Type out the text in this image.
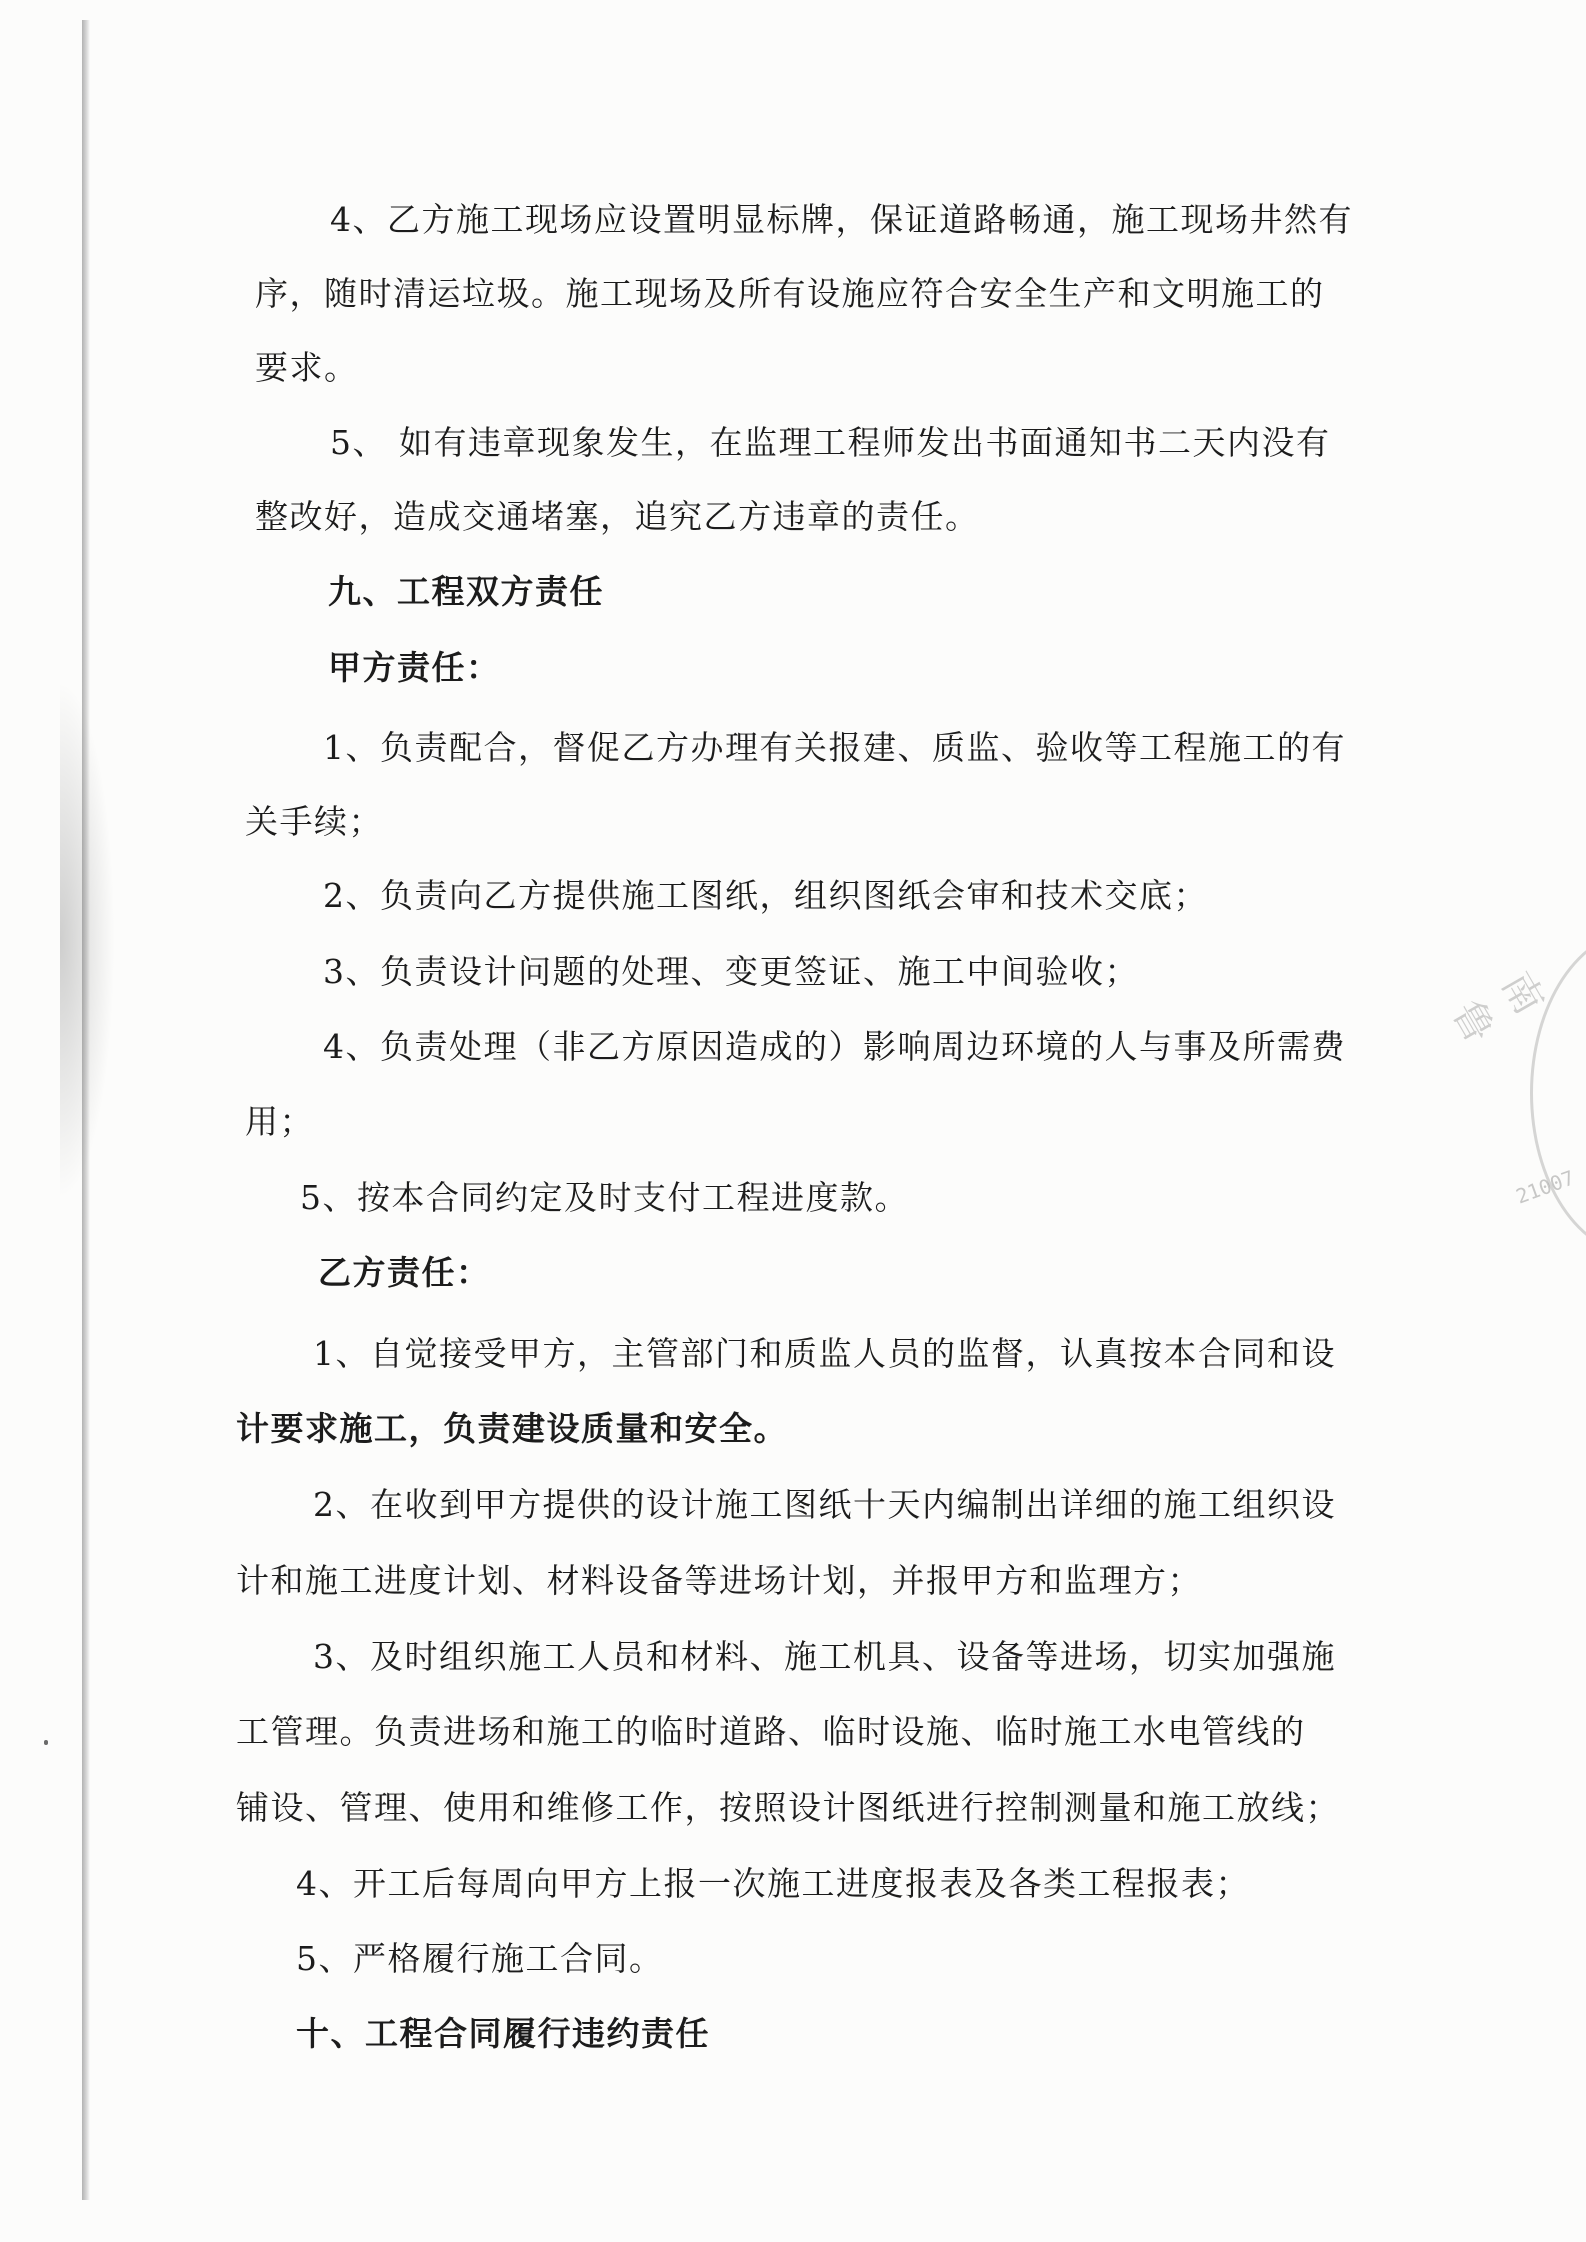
4、乙方施工现场应设置明显标牌，保证道路畅通，施工现场井然有
序，随时清运垃圾。施工现场及所有设施应符合安全生产和文明施工的
要求。
5、 如有违章现象发生，在监理工程师发出书面通知书二天内没有
整改好，造成交通堵塞，追究乙方违章的责任。
九、工程双方责任
甲方责任：
1、负责配合，督促乙方办理有关报建、质监、验收等工程施工的有
关手续；
2、负责向乙方提供施工图纸，组织图纸会审和技术交底；
3、负责设计问题的处理、变更签证、施工中间验收；
4、负责处理（非乙方原因造成的）影响周边环境的人与事及所需费
用；
5、按本合同约定及时支付工程进度款。
乙方责任：
1、自觉接受甲方，主管部门和质监人员的监督，认真按本合同和设
计要求施工，负责建设质量和安全。
2、在收到甲方提供的设计施工图纸十天内编制出详细的施工组织设
计和施工进度计划、材料设备等进场计划，并报甲方和监理方；
3、及时组织施工人员和材料、施工机具、设备等进场，切实加强施
工管理。负责进场和施工的临时道路、临时设施、临时施工水电管线的
铺设、管理、使用和维修工作，按照设计图纸进行控制测量和施工放线；
4、开工后每周向甲方上报一次施工进度报表及各类工程报表；
5、严格履行施工合同。
十、工程合同履行违约责任
南鲁
21007
